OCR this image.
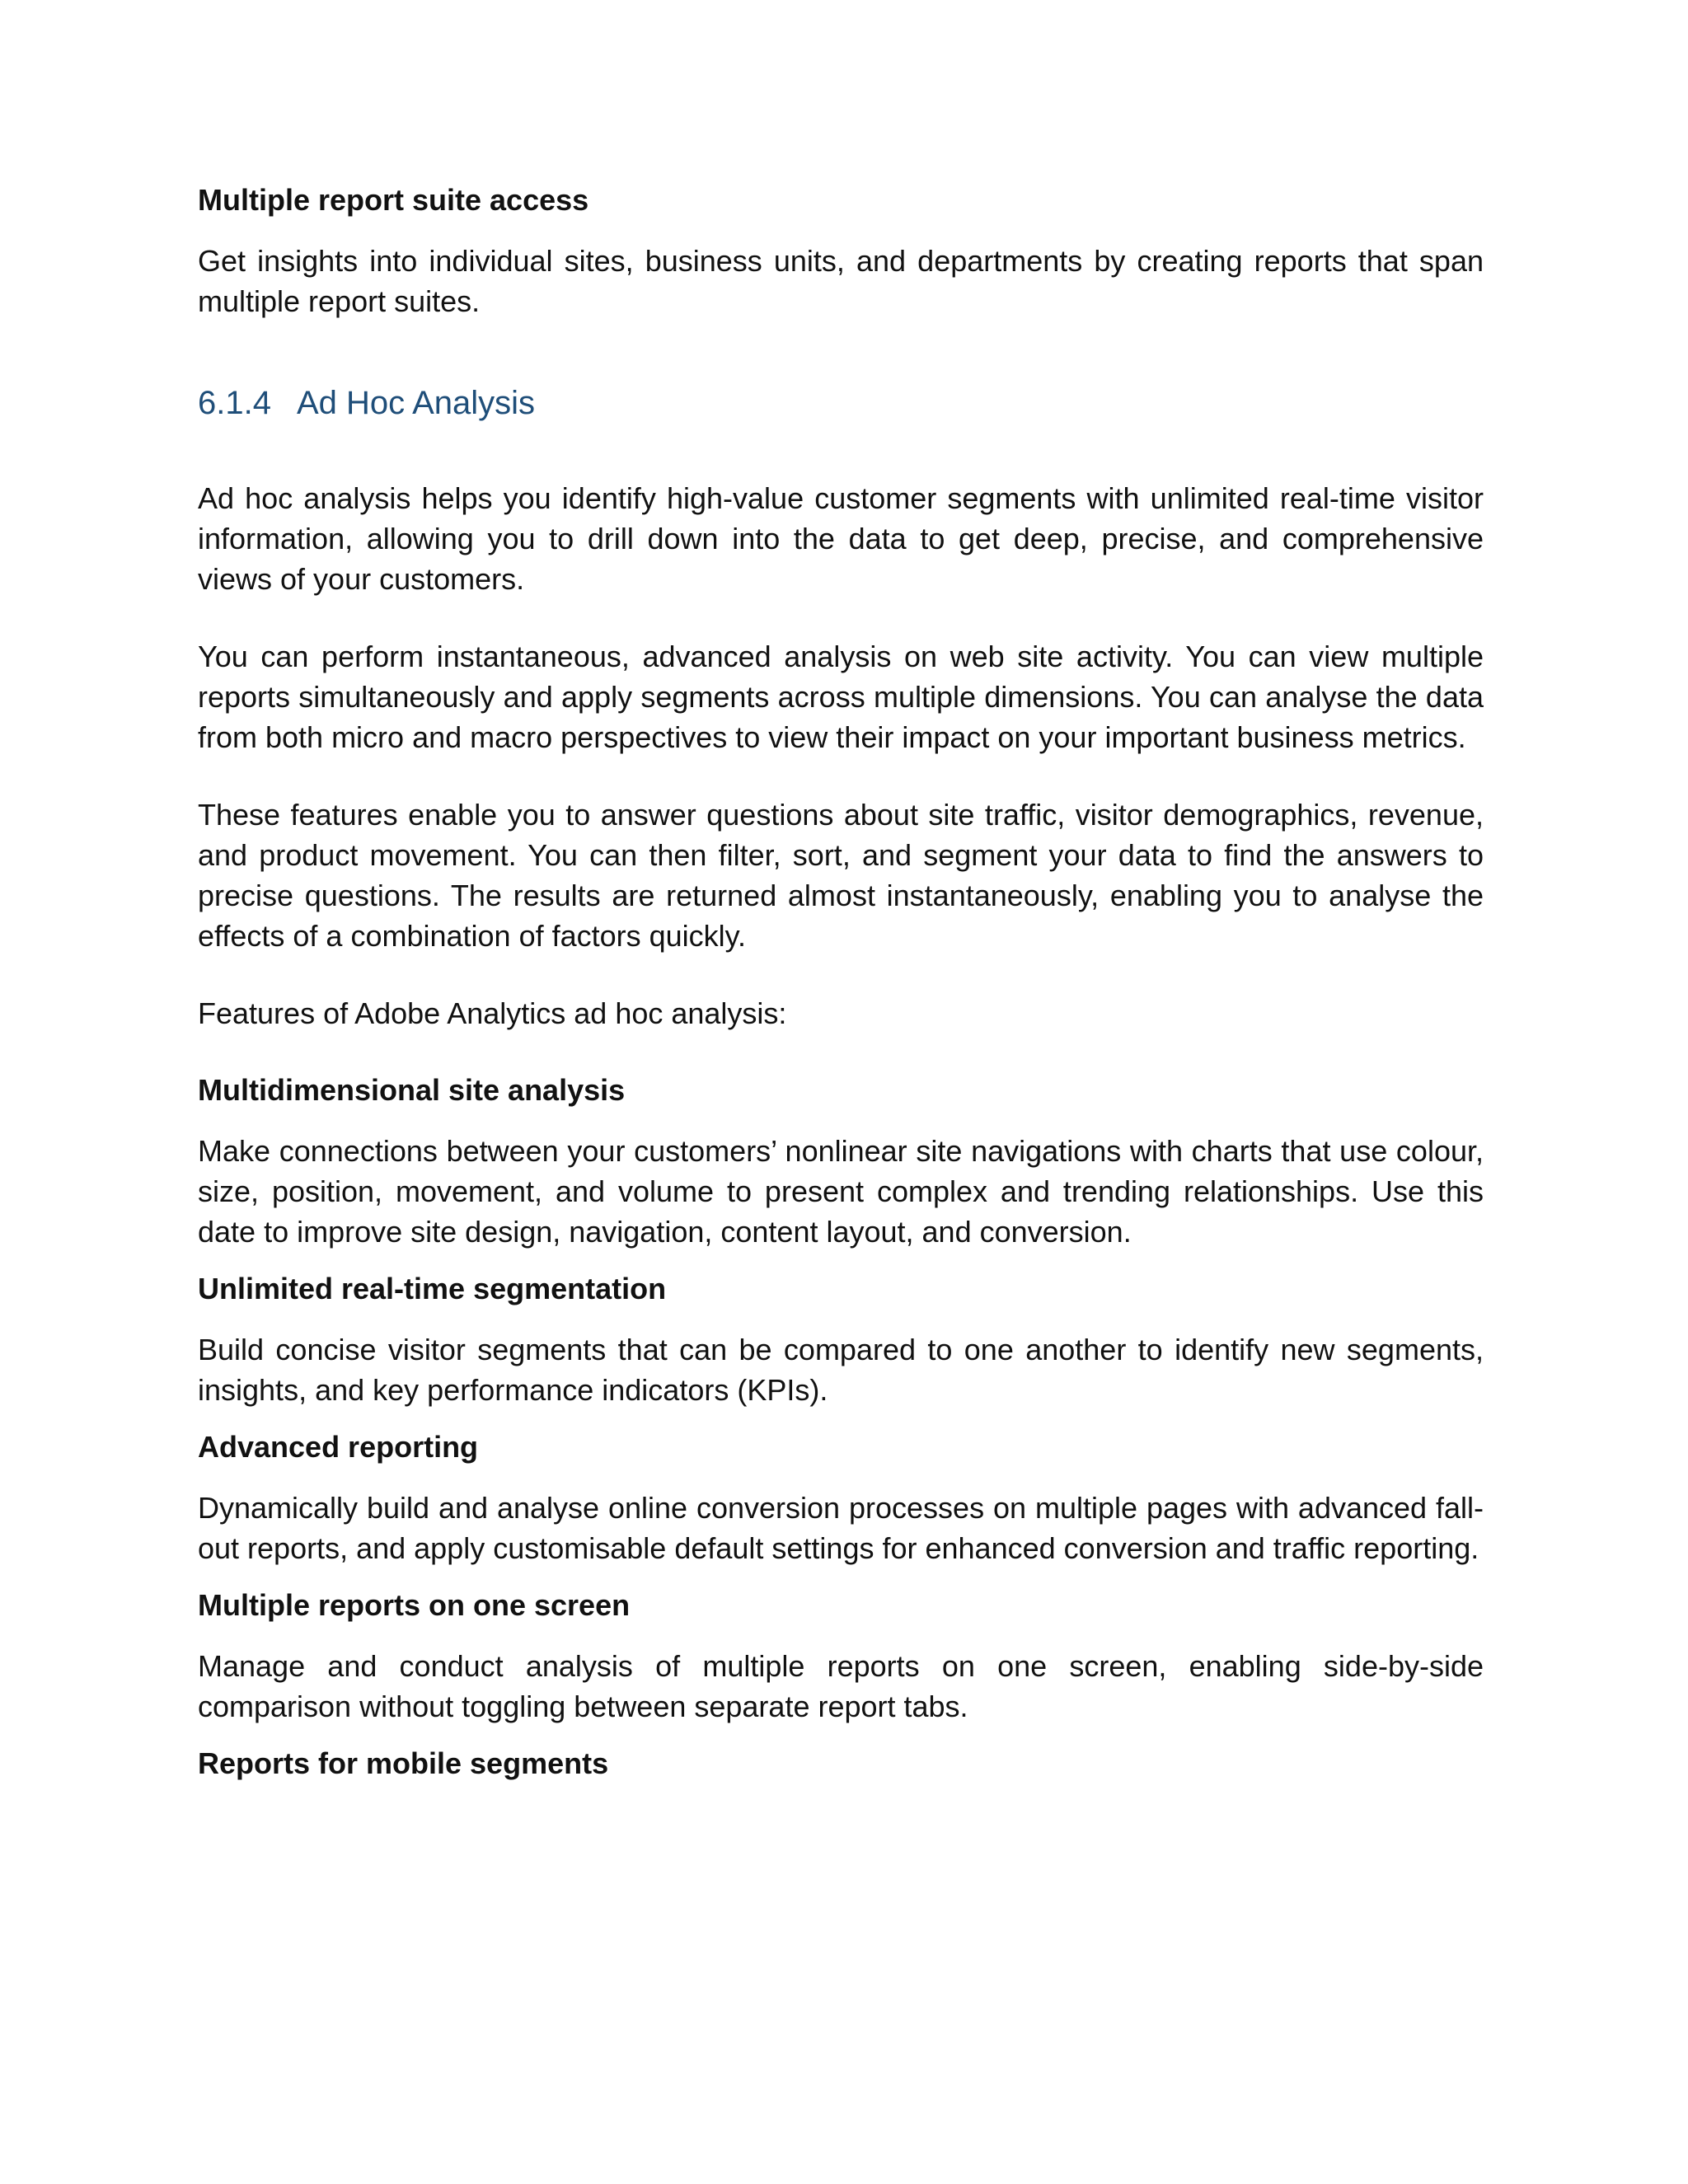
Multiple report suite access

Get insights into individual sites, business units, and departments by creating reports that span multiple report suites.

6.1.4 Ad Hoc Analysis

Ad hoc analysis helps you identify high-value customer segments with unlimited real-time visitor information, allowing you to drill down into the data to get deep, precise, and comprehensive views of your customers.

You can perform instantaneous, advanced analysis on web site activity. You can view multiple reports simultaneously and apply segments across multiple dimensions. You can analyse the data from both micro and macro perspectives to view their impact on your important business metrics.

These features enable you to answer questions about site traffic, visitor demographics, revenue, and product movement. You can then filter, sort, and segment your data to find the answers to precise questions. The results are returned almost instantaneously, enabling you to analyse the effects of a combination of factors quickly.

Features of Adobe Analytics ad hoc analysis:

Multidimensional site analysis

Make connections between your customers’ nonlinear site navigations with charts that use colour, size, position, movement, and volume to present complex and trending relationships. Use this date to improve site design, navigation, content layout, and conversion.

Unlimited real-time segmentation

Build concise visitor segments that can be compared to one another to identify new segments, insights, and key performance indicators (KPIs).

Advanced reporting

Dynamically build and analyse online conversion processes on multiple pages with advanced fall-out reports, and apply customisable default settings for enhanced conversion and traffic reporting.

Multiple reports on one screen

Manage and conduct analysis of multiple reports on one screen, enabling side-by-side comparison without toggling between separate report tabs.

Reports for mobile segments
